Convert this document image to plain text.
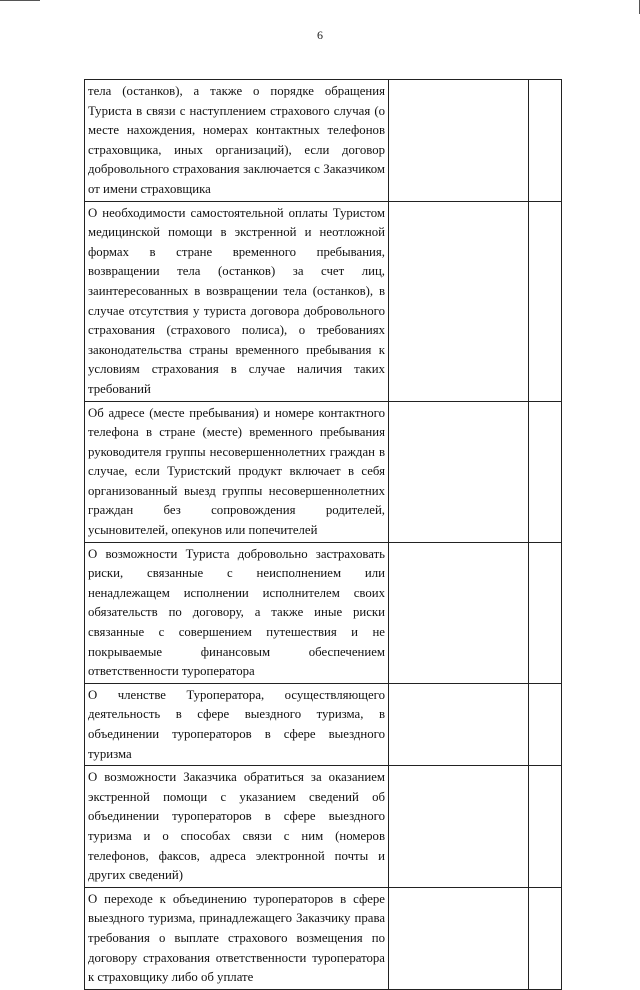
6
тела (останков), а также о порядке обращения Туриста в связи с наступлением страхового случая (о месте нахождения, номерах контактных телефонов страховщика, иных организаций), если договор добровольного страхования заключается с Заказчиком от имени страховщика		
О необходимости самостоятельной оплаты Туристом медицинской помощи в экстренной и неотложной формах в стране временного пребывания, возвращении тела (останков) за счет лиц, заинтересованных в возвращении тела (останков), в случае отсутствия у туриста договора добровольного страхования (страхового полиса), о требованиях законодательства страны временного пребывания к условиям страхования в случае наличия таких требований		
Об адресе (месте пребывания) и номере контактного телефона в стране (месте) временного пребывания руководителя группы несовершеннолетних граждан в случае, если Туристский продукт включает в себя организованный выезд группы несовершеннолетних граждан без сопровождения родителей, усыновителей, опекунов или попечителей		
О возможности Туриста добровольно застраховать риски, связанные с неисполнением или ненадлежащем исполнении исполнителем своих обязательств по договору, а также иные риски связанные с совершением путешествия и не покрываемые финансовым обеспечением ответственности туроператора		
О членстве Туроператора, осуществляющего деятельность в сфере выездного туризма, в объединении туроператоров в сфере выездного туризма		
О возможности Заказчика обратиться за оказанием экстренной помощи с указанием сведений об объединении туроператоров в сфере выездного туризма и о способах связи с ним (номеров телефонов, факсов, адреса электронной почты и других сведений)		
О переходе к объединению туроператоров в сфере выездного туризма, принадлежащего Заказчику права требования о выплате страхового возмещения по договору страхования ответственности туроператора к страховщику либо об уплате		
